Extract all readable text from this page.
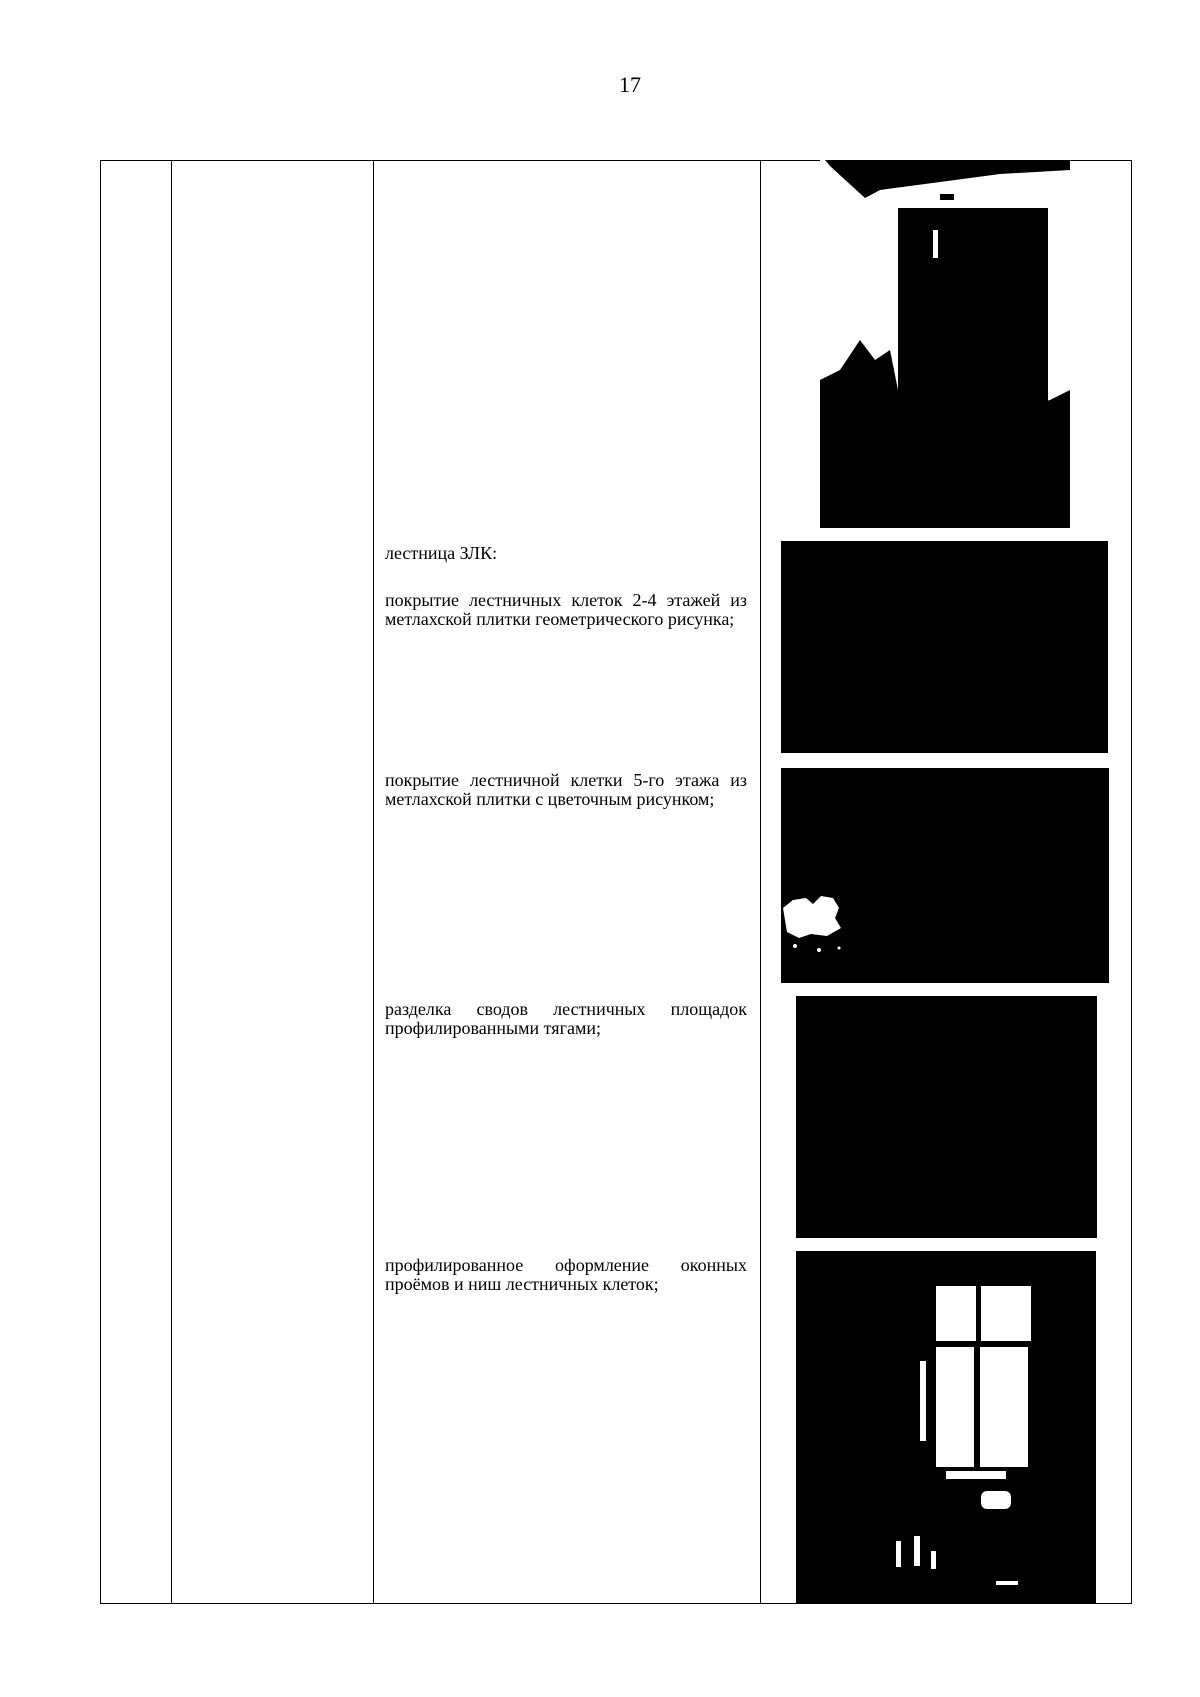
17
лестница ЗЛК:
покрытие лестничных клеток 2-4 этажей из метлахской плитки геометрического рисунка;
покрытие лестничной клетки 5-го этажа из метлахской плитки с цветочным рисунком;
разделка сводов лестничных площадок профилированными тягами;
профилированное оформление оконных проёмов и ниш лестничных клеток;
